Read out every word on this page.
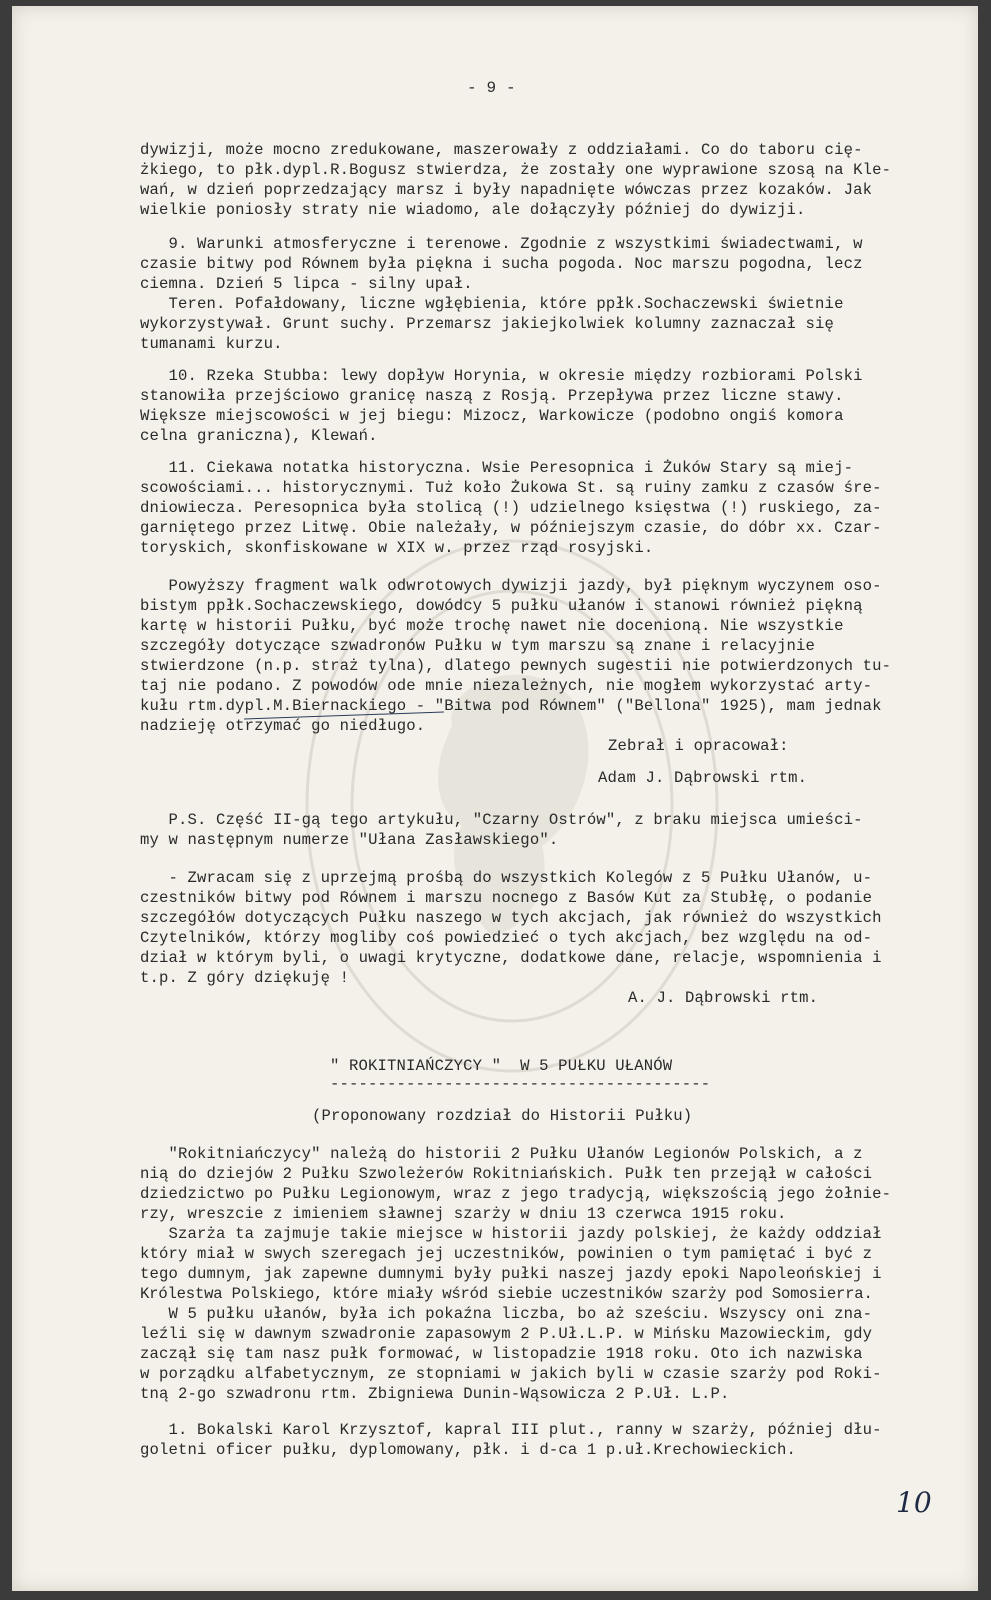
- 9 -
dywizji, może mocno zredukowane, maszerowały z oddziałami. Co do taboru cię-
żkiego, to płk.dypl.R.Bogusz stwierdza, że zostały one wyprawione szosą na Kle-
wań, w dzień poprzedzający marsz i były napadnięte wówczas przez kozaków. Jak
wielkie poniosły straty nie wiadomo, ale dołączyły później do dywizji.
9. Warunki atmosferyczne i terenowe. Zgodnie z wszystkimi świadectwami, w
czasie bitwy pod Równem była piękna i sucha pogoda. Noc marszu pogodna, lecz
ciemna. Dzień 5 lipca - silny upał.
Teren. Pofałdowany, liczne wgłębienia, które ppłk.Sochaczewski świetnie
wykorzystywał. Grunt suchy. Przemarsz jakiejkolwiek kolumny zaznaczał się
tumanami kurzu.
10. Rzeka Stubba: lewy dopływ Horynia, w okresie między rozbiorami Polski
stanowiła przejściowo granicę naszą z Rosją. Przepływa przez liczne stawy.
Większe miejscowości w jej biegu: Mizocz, Warkowicze (podobno ongiś komora
celna graniczna), Klewań.
11. Ciekawa notatka historyczna. Wsie Peresopnica i Żuków Stary są miej-
scowościami... historycznymi. Tuż koło Żukowa St. są ruiny zamku z czasów śre-
dniowiecza. Peresopnica była stolicą (!) udzielnego księstwa (!) ruskiego, za-
garniętego przez Litwę. Obie należały, w późniejszym czasie, do dóbr xx. Czar-
toryskich, skonfiskowane w XIX w. przez rząd rosyjski.
Powyższy fragment walk odwrotowych dywizji jazdy, był pięknym wyczynem oso-
bistym ppłk.Sochaczewskiego, dowódcy 5 pułku ułanów i stanowi również piękną
kartę w historii Pułku, być może trochę nawet nie docenioną. Nie wszystkie
szczegóły dotyczące szwadronów Pułku w tym marszu są znane i relacyjnie
stwierdzone (n.p. straż tylna), dlatego pewnych sugestii nie potwierdzonych tu-
taj nie podano. Z powodów ode mnie niezależnych, nie mogłem wykorzystać arty-
kułu rtm.dypl.M.Biernackiego - "Bitwa pod Równem" ("Bellona" 1925), mam jednak
nadzieję otrzymać go niedługo.
Zebrał i opracował:
Adam J. Dąbrowski rtm.
P.S. Część II-gą tego artykułu, "Czarny Ostrów", z braku miejsca umieści-
my w następnym numerze "Ułana Zasławskiego".
- Zwracam się z uprzejmą prośbą do wszystkich Kolegów z 5 Pułku Ułanów, u-
czestników bitwy pod Równem i marszu nocnego z Basów Kut za Stubłę, o podanie
szczegółów dotyczących Pułku naszego w tych akcjach, jak również do wszystkich
Czytelników, którzy mogliby coś powiedzieć o tych akcjach, bez względu na od-
dział w którym byli, o uwagi krytyczne, dodatkowe dane, relacje, wspomnienia i
t.p. Z góry dziękuję !
A. J. Dąbrowski rtm.
" ROKITNIAŃCZYCY "  W 5 PUŁKU UŁANÓW
----------------------------------------
(Proponowany rozdział do Historii Pułku)
"Rokitniańczycy" należą do historii 2 Pułku Ułanów Legionów Polskich, a z
nią do dziejów 2 Pułku Szwoleżerów Rokitniańskich. Pułk ten przejął w całości
dziedzictwo po Pułku Legionowym, wraz z jego tradycją, większością jego żołnie-
rzy, wreszcie z imieniem sławnej szarży w dniu 13 czerwca 1915 roku.
Szarża ta zajmuje takie miejsce w historii jazdy polskiej, że każdy oddział
który miał w swych szeregach jej uczestników, powinien o tym pamiętać i być z
tego dumnym, jak zapewne dumnymi były pułki naszej jazdy epoki Napoleońskiej i
Królestwa Polskiego, które miały wśród siebie uczestników szarży pod Somosierra.
W 5 pułku ułanów, była ich pokaźna liczba, bo aż sześciu. Wszyscy oni zna-
leźli się w dawnym szwadronie zapasowym 2 P.Uł.L.P. w Mińsku Mazowieckim, gdy
zaczął się tam nasz pułk formować, w listopadzie 1918 roku. Oto ich nazwiska
w porządku alfabetycznym, ze stopniami w jakich byli w czasie szarży pod Roki-
tną 2-go szwadronu rtm. Zbigniewa Dunin-Wąsowicza 2 P.Uł. L.P.
1. Bokalski Karol Krzysztof, kapral III plut., ranny w szarży, później dłu-
goletni oficer pułku, dyplomowany, płk. i d-ca 1 p.uł.Krechowieckich.
10
